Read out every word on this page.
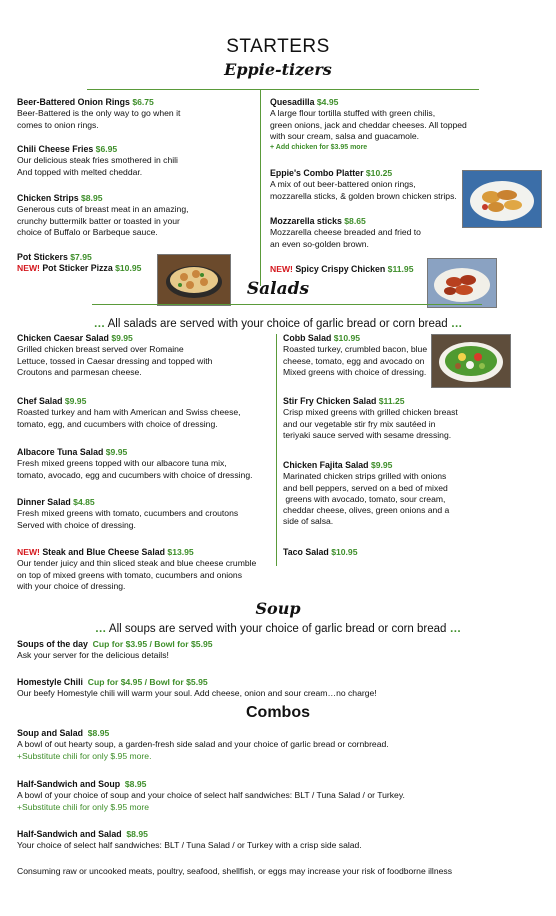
STARTERS
Eppie-tizers
Beer-Battered Onion Rings $6.75
Beer-Battered is the only way to go when it
comes to onion rings.
Chili Cheese Fries $6.95
Our delicious steak fries smothered in chili
And topped with melted cheddar.
Chicken Strips $8.95
Generous cuts of breast meat in an amazing,
crunchy buttermilk batter or toasted in your
choice of Buffalo or Barbeque sauce.
Pot Stickers $7.95
NEW! Pot Sticker Pizza $10.95
Quesadilla $4.95
A large flour tortilla stuffed with green chilis,
green onions, jack and cheddar cheeses. All topped
with sour cream, salsa and guacamole.
+ Add chicken for $3.95 more
Eppie's Combo Platter $10.25
A mix of out beer-battered onion rings,
mozzarella sticks, & golden brown chicken strips.
Mozzarella sticks $8.65
Mozzarella cheese breaded and fried to
an even so-golden brown.
NEW! Spicy Crispy Chicken $11.95
Salads
… All salads are served with your choice of garlic bread or corn bread …
Chicken Caesar Salad $9.95
Grilled chicken breast served over Romaine
Lettuce, tossed in Caesar dressing and topped with
Croutons and parmesan cheese.
Chef Salad $9.95
Roasted turkey and ham with American and Swiss cheese,
tomato, egg, and cucumbers with choice of dressing.
Albacore Tuna Salad $9.95
Fresh mixed greens topped with our albacore tuna mix,
tomato, avocado, egg and cucumbers with choice of dressing.
Dinner Salad $4.85
Fresh mixed greens with tomato, cucumbers and croutons
Served with choice of dressing.
NEW! Steak and Blue Cheese Salad $13.95
Our tender juicy and thin sliced steak and blue cheese crumble
on top of mixed greens with tomato, cucumbers and onions
with your choice of dressing.
Cobb Salad $10.95
Roasted turkey, crumbled bacon, blue
cheese, tomato, egg and avocado on
Mixed greens with choice of dressing.
Stir Fry Chicken Salad $11.25
Crisp mixed greens with grilled chicken breast
and our vegetable stir fry mix sautéed in
teriyaki sauce served with sesame dressing.
Chicken Fajita Salad $9.95
Marinated chicken strips grilled with onions
and bell peppers, served on a bed of mixed
greens with avocado, tomato, sour cream,
cheddar cheese, olives, green onions and a
side of salsa.
Taco Salad $10.95
Soup
… All soups are served with your choice of garlic bread or corn bread …
Soups of the day Cup for $3.95 / Bowl for $5.95
Ask your server for the delicious details!
Homestyle Chili Cup for $4.95 / Bowl for $5.95
Our beefy Homestyle chili will warm your soul. Add cheese, onion and sour cream…no charge!
Combos
Soup and Salad $8.95
A bowl of out hearty soup, a garden-fresh side salad and your choice of garlic bread or cornbread.
+Substitute chili for only $.95 more.
Half-Sandwich and Soup $8.95
A bowl of your choice of soup and your choice of select half sandwiches: BLT / Tuna Salad / or Turkey.
+Substitute chili for only $.95 more
Half-Sandwich and Salad $8.95
Your choice of select half sandwiches: BLT / Tuna Salad / or Turkey with a crisp side salad.
Consuming raw or uncooked meats, poultry, seafood, shellfish, or eggs may increase your risk of foodborne illness
